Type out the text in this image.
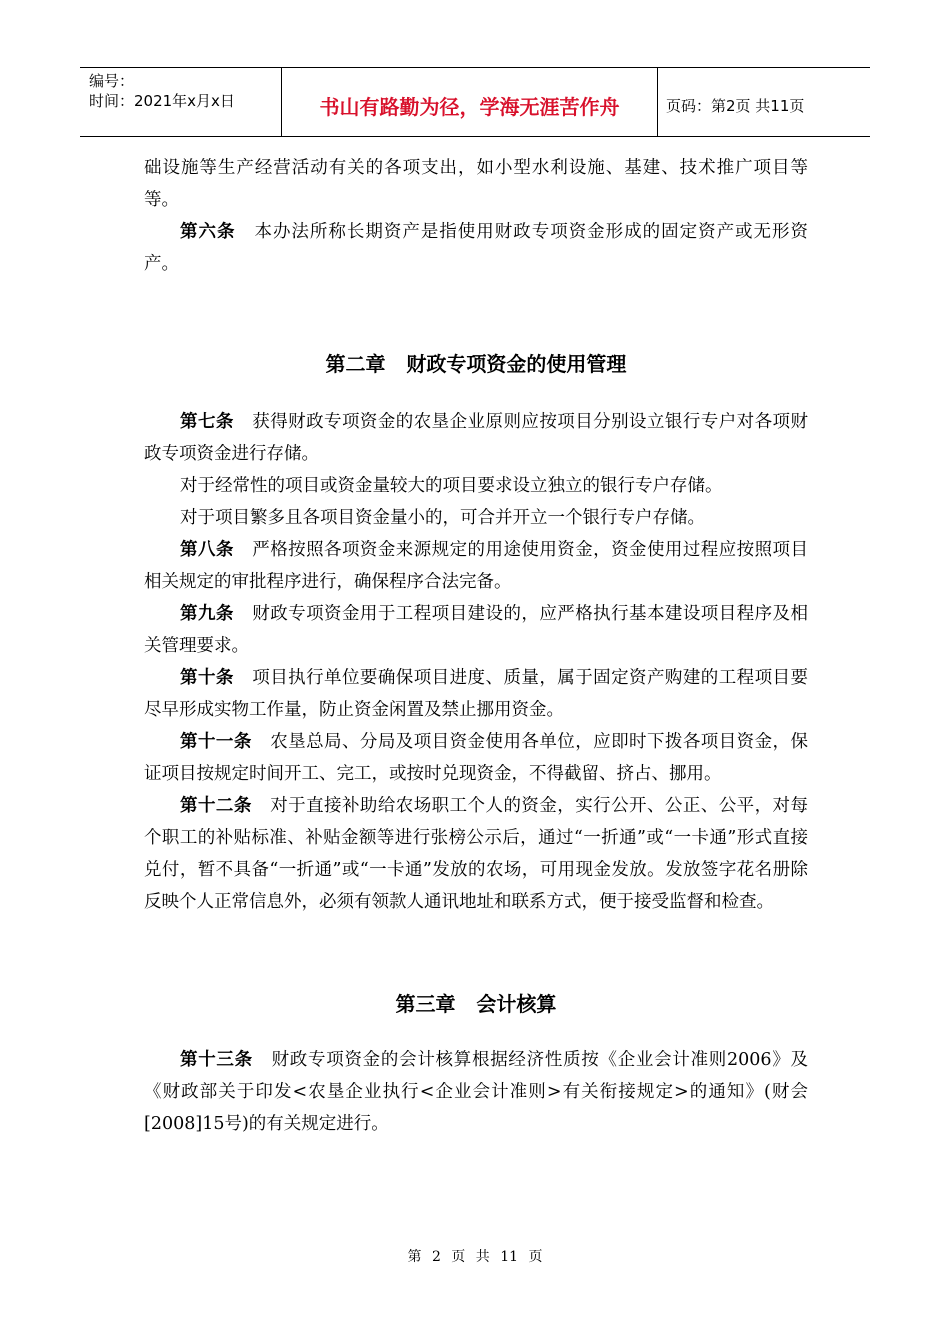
编号：
时间：2021年x月x日	书山有路勤为径，学海无涯苦作舟	页码：第2页 共11页

础设施等生产经营活动有关的各项支出，如小型水利设施、基建、技术推广项目等等。

第六条 本办法所称长期资产是指使用财政专项资金形成的固定资产或无形资产。

第二章   财政专项资金的使用管理

第七条 获得财政专项资金的农垦企业原则应按项目分别设立银行专户对各项财政专项资金进行存储。

对于经常性的项目或资金量较大的项目要求设立独立的银行专户存储。

对于项目繁多且各项目资金量小的，可合并开立一个银行专户存储。

第八条 严格按照各项资金来源规定的用途使用资金，资金使用过程应按照项目相关规定的审批程序进行，确保程序合法完备。

第九条 财政专项资金用于工程项目建设的，应严格执行基本建设项目程序及相关管理要求。

第十条 项目执行单位要确保项目进度、质量，属于固定资产购建的工程项目要尽早形成实物工作量，防止资金闲置及禁止挪用资金。

第十一条 农垦总局、分局及项目资金使用各单位，应即时下拨各项目资金，保证项目按规定时间开工、完工，或按时兑现资金，不得截留、挤占、挪用。

第十二条 对于直接补助给农场职工个人的资金，实行公开、公正、公平，对每个职工的补贴标准、补贴金额等进行张榜公示后，通过“一折通”或“一卡通”形式直接兑付，暂不具备“一折通”或“一卡通”发放的农场，可用现金发放。发放签字花名册除反映个人正常信息外，必须有领款人通讯地址和联系方式，便于接受监督和检查。

第三章   会计核算

第十三条 财政专项资金的会计核算根据经济性质按《企业会计准则2006》及《财政部关于印发<农垦企业执行<企业会计准则>有关衔接规定>的通知》(财会[2008]15号)的有关规定进行。

第 2 页 共 11 页
